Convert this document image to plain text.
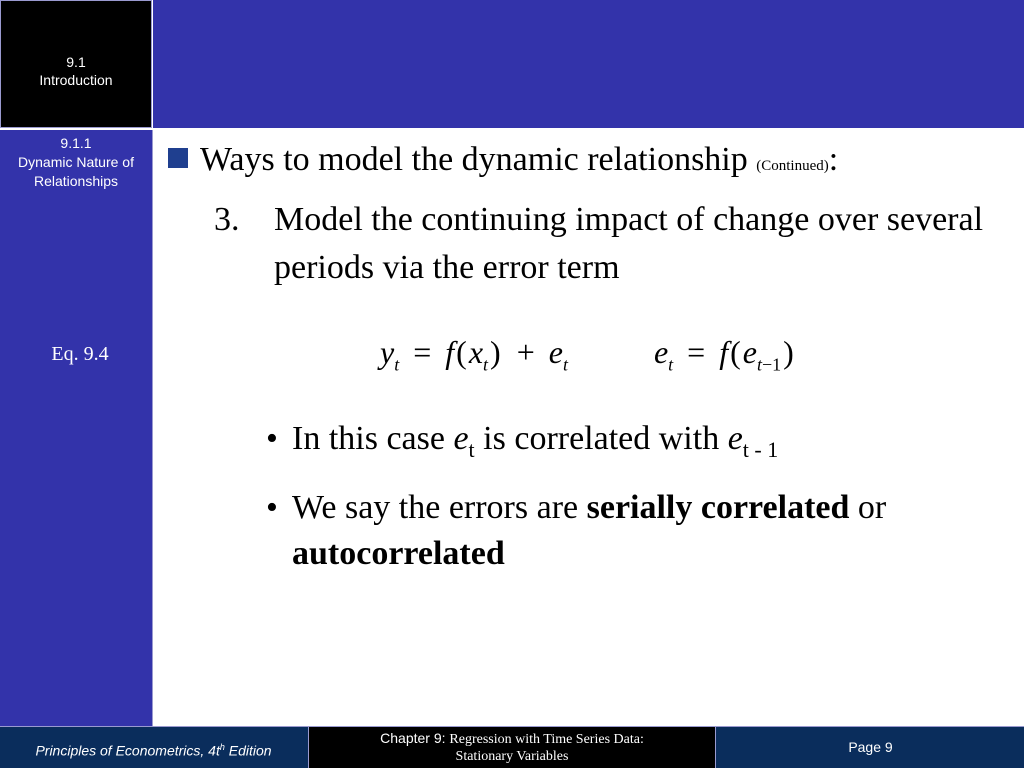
9.1
Introduction
9.1.1
Dynamic Nature of
Relationships
Eq. 9.4
Ways to model the dynamic relationship (Continued):
3. Model the continuing impact of change over several periods via the error term
$y_t = f(x_t) + e_t$	$e_t = f(e_{t-1})$
• In this case $e_t$ is correlated with $e_{t - 1}$
• We say the errors are serially correlated or autocorrelated
Principles of Econometrics, $4t^h$ Edition
Chapter 9: Regression with Time Series Data:
Stationary Variables
Page 9
